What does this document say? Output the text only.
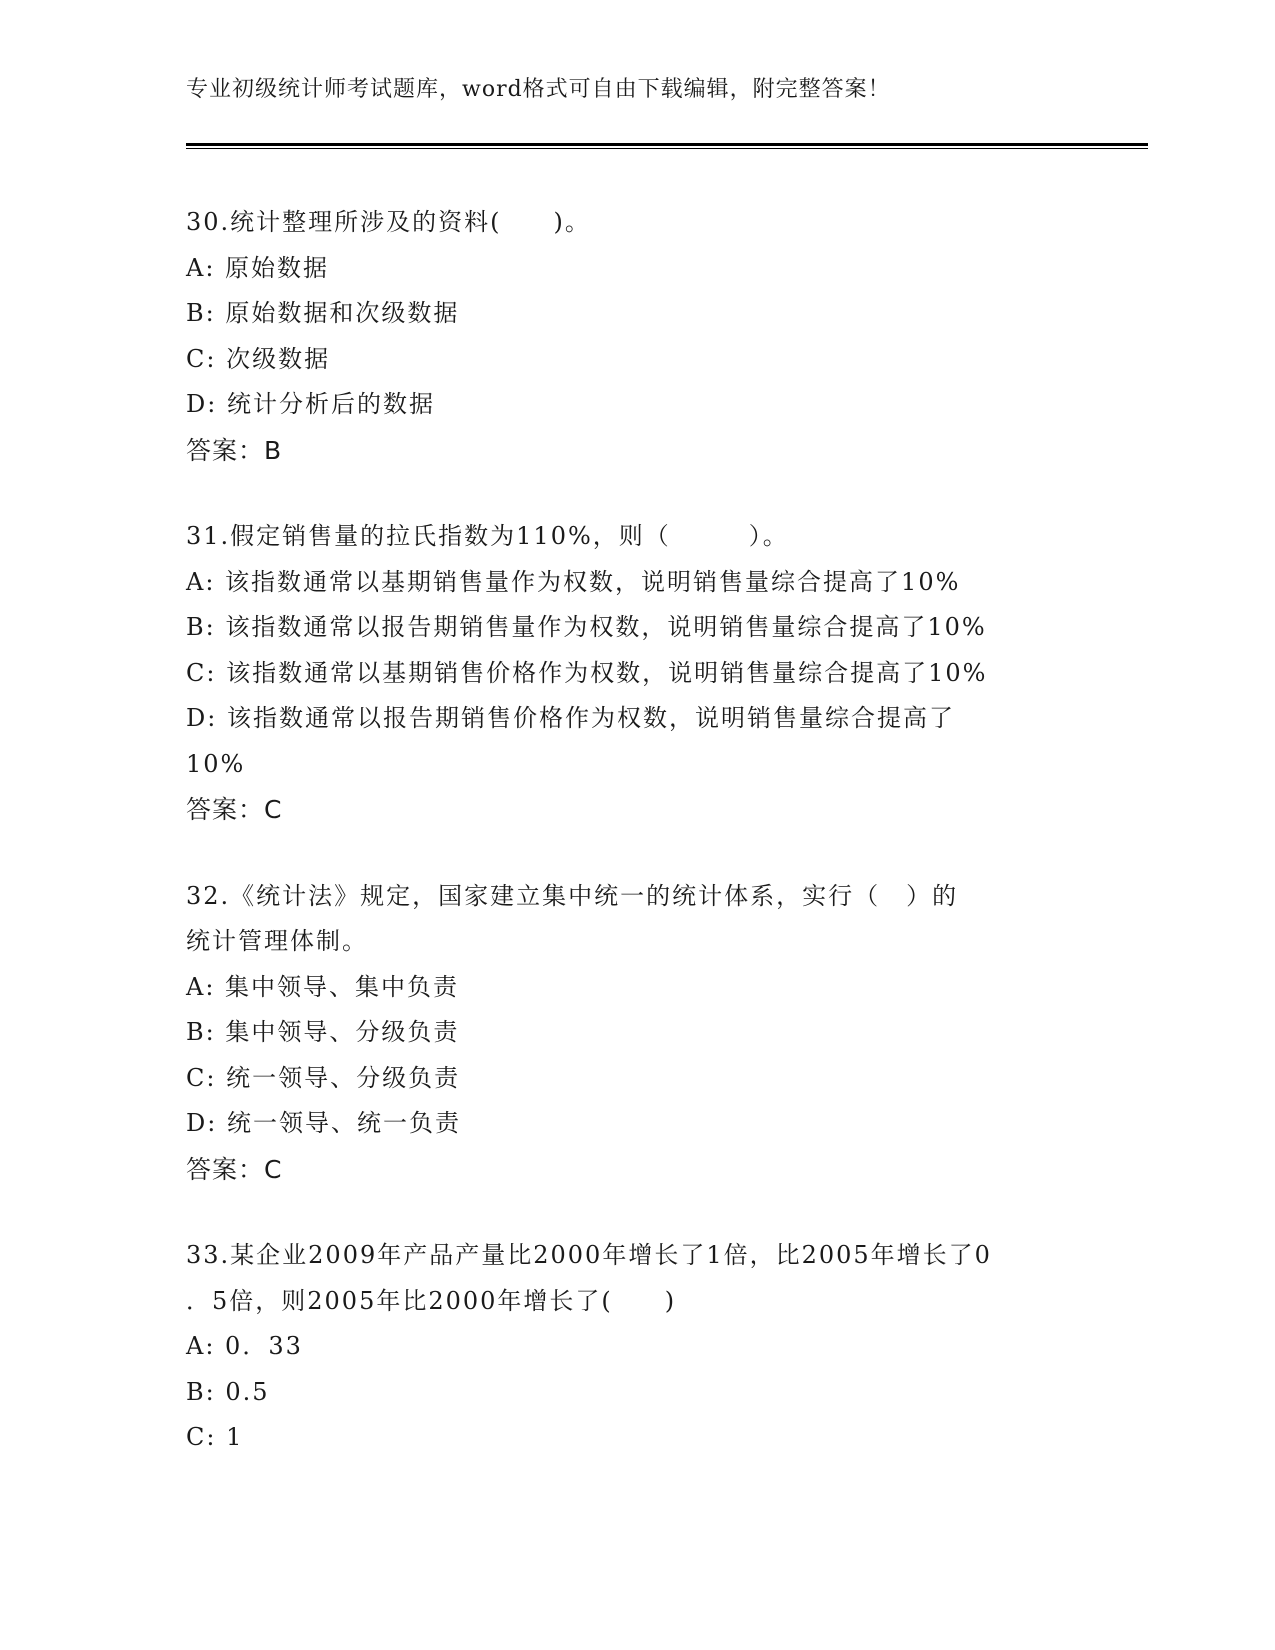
专业初级统计师考试题库，word格式可自由下载编辑，附完整答案！
30.统计整理所涉及的资料(　　)。
A: 原始数据
B: 原始数据和次级数据
C: 次级数据
D: 统计分析后的数据
答案：B
31.假定销售量的拉氏指数为110%，则（　　　）。
A: 该指数通常以基期销售量作为权数，说明销售量综合提高了10%
B: 该指数通常以报告期销售量作为权数，说明销售量综合提高了10%
C: 该指数通常以基期销售价格作为权数，说明销售量综合提高了10%
D: 该指数通常以报告期销售价格作为权数，说明销售量综合提高了
10%
答案：C
32.《统计法》规定，国家建立集中统一的统计体系，实行（　）的
统计管理体制。
A: 集中领导、集中负责
B: 集中领导、分级负责
C: 统一领导、分级负责
D: 统一领导、统一负责
答案：C
33.某企业2009年产品产量比2000年增长了1倍，比2005年增长了0
．5倍，则2005年比2000年增长了(　　)
A: 0．33
B: 0.5
C: 1
